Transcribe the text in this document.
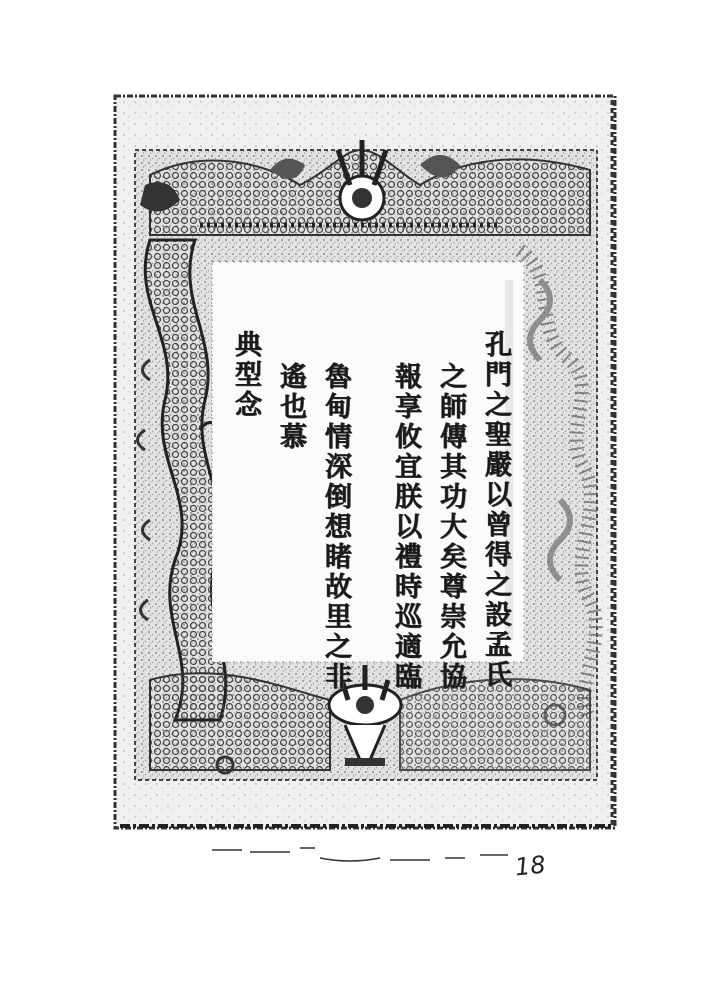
孔門之聖嚴以曾得之設孟氏
之師傳其功大矣尊崇允協
報享攸宜朕以禮時巡適臨
魯甸情深倒想睹故里之非
遙也慕
典型念
18
